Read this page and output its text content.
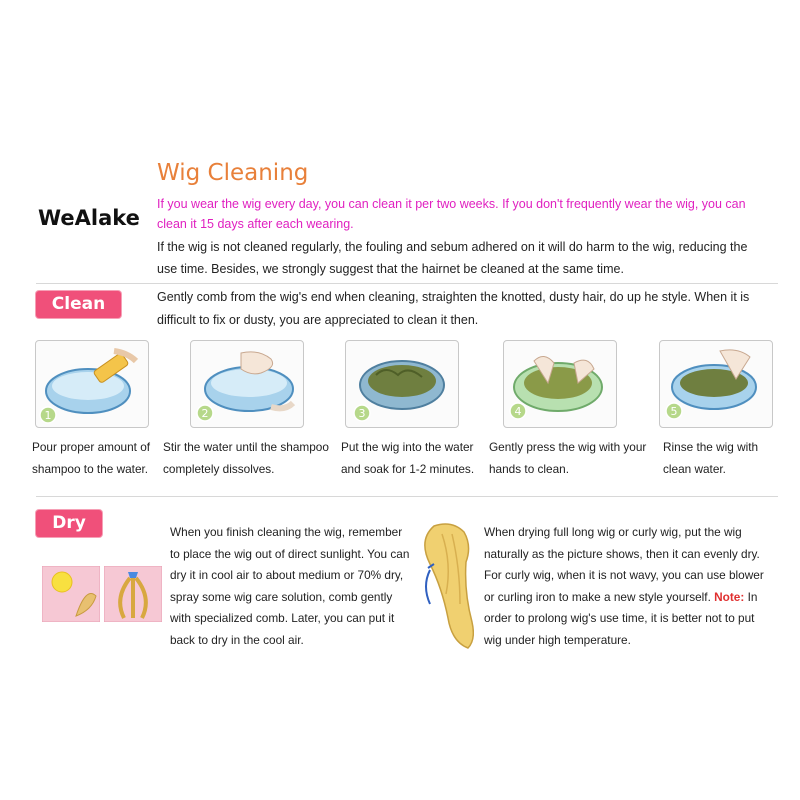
WeAlake
Wig Cleaning
If you wear the wig every day, you can clean it per two weeks. If you don't frequently wear the wig, you can clean it 15 days after each wearing.
If the wig is not cleaned regularly, the fouling and sebum adhered on it will do harm to the wig, reducing the use time. Besides, we strongly suggest that the hairnet be cleaned at the same time.
Clean	Gently comb from the wig's end when cleaning, straighten the knotted, dusty hair, do up he style. When it is difficult to fix or dusty, you are appreciated to clean it then.
1	2	3	4	5
Pour proper amount of shampoo to the water.
Stir the water until the shampoo completely dissolves.
Put the wig into the water and soak for 1-2 minutes.
Gently press the wig with your hands to clean.
Rinse the wig with clean water.
Dry	When you finish cleaning the wig, remember to place the wig out of direct sunlight. You can dry it in cool air to about medium or 70% dry, spray some wig care solution, comb gently with specialized comb. Later, you can put it back to dry in the cool air.
When drying full long wig or curly wig, put the wig naturally as the picture shows, then it can evenly dry. For curly wig, when it is not wavy, you can use blower or curling iron to make a new style yourself. Note: In order to prolong wig's use time, it is better not to put wig under high temperature.
